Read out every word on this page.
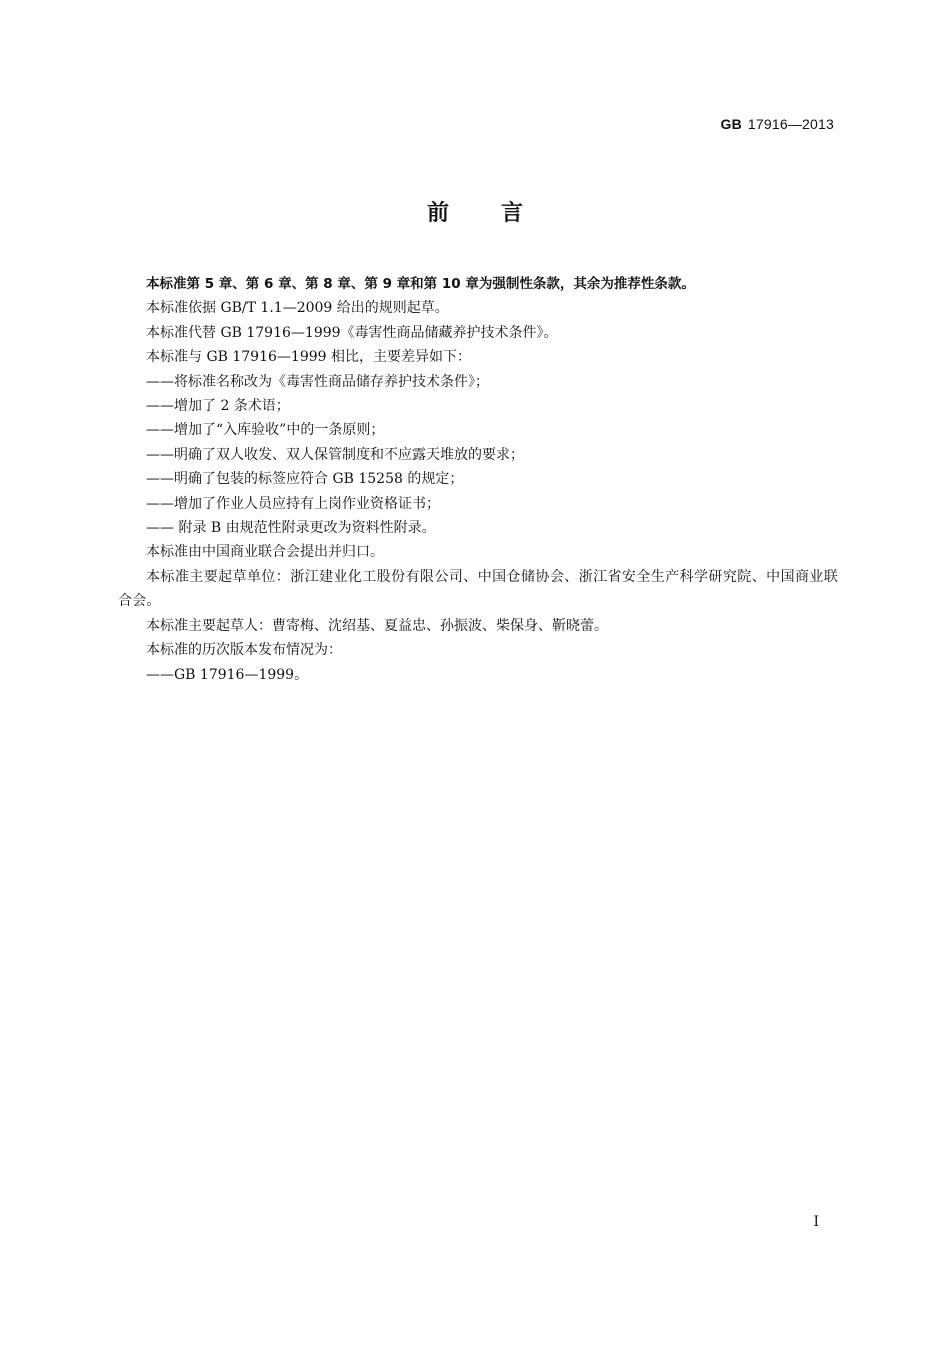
GB 17916—2013
前 言

本标准第 5 章、第 6 章、第 8 章、第 9 章和第 10 章为强制性条款，其余为推荐性条款。

本标准依据 GB/T 1.1—2009 给出的规则起草。

本标准代替 GB 17916—1999《毒害性商品储藏养护技术条件》。

本标准与 GB 17916—1999 相比，主要差异如下：

——将标准名称改为《毒害性商品储存养护技术条件》；

——增加了 2 条术语；

——增加了“入库验收”中的一条原则；

——明确了双人收发、双人保管制度和不应露天堆放的要求；

——明确了包装的标签应符合 GB 15258 的规定；

——增加了作业人员应持有上岗作业资格证书；

—— 附录 B 由规范性附录更改为资料性附录。

本标准由中国商业联合会提出并归口。

本标准主要起草单位：浙江建业化工股份有限公司、中国仓储协会、浙江省安全生产科学研究院、中国商业联合会。

本标准主要起草人：曹寄梅、沈绍基、夏益忠、孙振波、柴保身、靳晓蕾。

本标准的历次版本发布情况为：

——GB 17916—1999。

I
